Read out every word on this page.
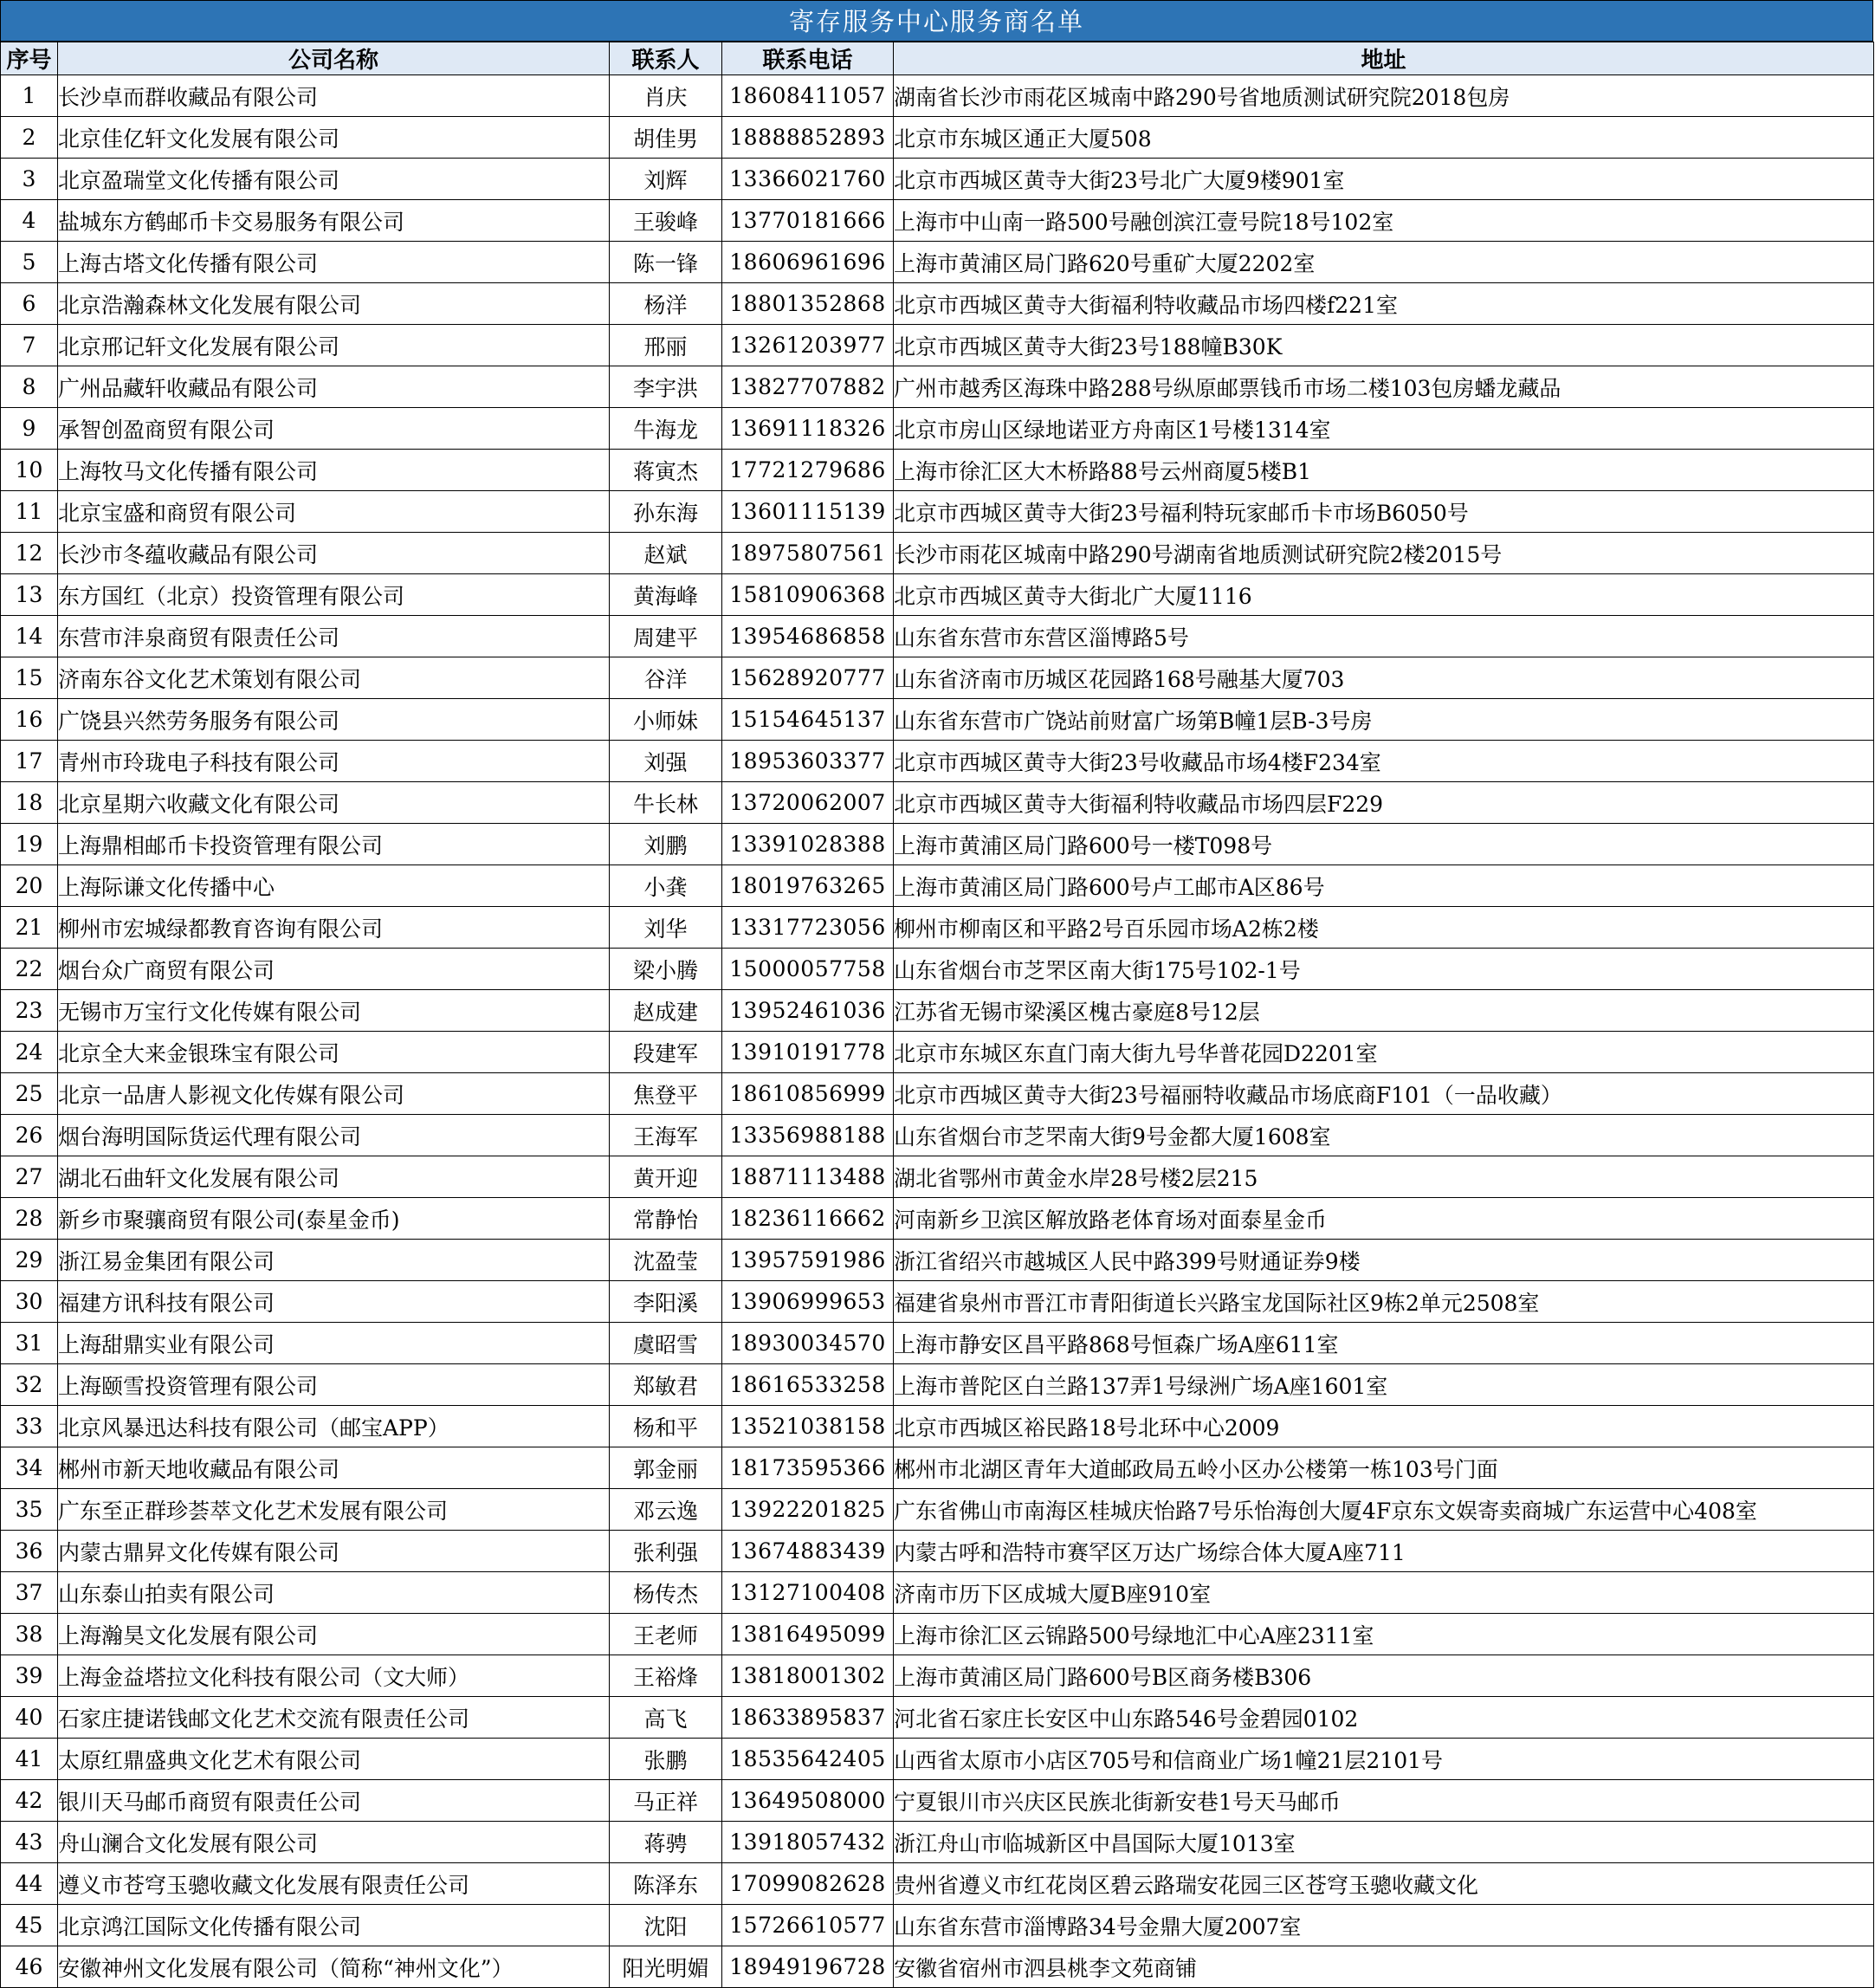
寄存服务中心服务商名单
序号	公司名称	联系人	联系电话	地址
1	长沙卓而群收藏品有限公司	肖庆	18608411057	湖南省长沙市雨花区城南中路290号省地质测试研究院2018包房
2	北京佳亿轩文化发展有限公司	胡佳男	18888852893	北京市东城区通正大厦508
3	北京盈瑞堂文化传播有限公司	刘辉	13366021760	北京市西城区黄寺大街23号北广大厦9楼901室
4	盐城东方鹤邮币卡交易服务有限公司	王骏峰	13770181666	上海市中山南一路500号融创滨江壹号院18号102室
5	上海古塔文化传播有限公司	陈一锋	18606961696	上海市黄浦区局门路620号重矿大厦2202室
6	北京浩瀚森林文化发展有限公司	杨洋	18801352868	北京市西城区黄寺大街福利特收藏品市场四楼f221室
7	北京邢记轩文化发展有限公司	邢丽	13261203977	北京市西城区黄寺大街23号188幢B30K
8	广州品藏轩收藏品有限公司	李宇洪	13827707882	广州市越秀区海珠中路288号纵原邮票钱币市场二楼103包房蟠龙藏品
9	承智创盈商贸有限公司	牛海龙	13691118326	北京市房山区绿地诺亚方舟南区1号楼1314室
10	上海牧马文化传播有限公司	蒋寅杰	17721279686	上海市徐汇区大木桥路88号云州商厦5楼B1
11	北京宝盛和商贸有限公司	孙东海	13601115139	北京市西城区黄寺大街23号福利特玩家邮币卡市场B6050号
12	长沙市冬蕴收藏品有限公司	赵斌	18975807561	长沙市雨花区城南中路290号湖南省地质测试研究院2楼2015号
13	东方国红（北京）投资管理有限公司	黄海峰	15810906368	北京市西城区黄寺大街北广大厦1116
14	东营市沣泉商贸有限责任公司	周建平	13954686858	山东省东营市东营区淄博路5号
15	济南东谷文化艺术策划有限公司	谷洋	15628920777	山东省济南市历城区花园路168号融基大厦703
16	广饶县兴然劳务服务有限公司	小师妹	15154645137	山东省东营市广饶站前财富广场第B幢1层B-3号房
17	青州市玲珑电子科技有限公司	刘强	18953603377	北京市西城区黄寺大街23号收藏品市场4楼F234室
18	北京星期六收藏文化有限公司	牛长林	13720062007	北京市西城区黄寺大街福利特收藏品市场四层F229
19	上海鼎相邮币卡投资管理有限公司	刘鹏	13391028388	上海市黄浦区局门路600号一楼T098号
20	上海际谦文化传播中心	小龚	18019763265	上海市黄浦区局门路600号卢工邮市A区86号
21	柳州市宏城绿都教育咨询有限公司	刘华	13317723056	柳州市柳南区和平路2号百乐园市场A2栋2楼
22	烟台众广商贸有限公司	梁小腾	15000057758	山东省烟台市芝罘区南大街175号102-1号
23	无锡市万宝行文化传媒有限公司	赵成建	13952461036	江苏省无锡市梁溪区槐古豪庭8号12层
24	北京全大来金银珠宝有限公司	段建军	13910191778	北京市东城区东直门南大街九号华普花园D2201室
25	北京一品唐人影视文化传媒有限公司	焦登平	18610856999	北京市西城区黄寺大街23号福丽特收藏品市场底商F101（一品收藏）
26	烟台海明国际货运代理有限公司	王海军	13356988188	山东省烟台市芝罘南大街9号金都大厦1608室
27	湖北石曲轩文化发展有限公司	黄开迎	18871113488	湖北省鄂州市黄金水岸28号楼2层215
28	新乡市聚骧商贸有限公司(泰星金币)	常静怡	18236116662	河南新乡卫滨区解放路老体育场对面泰星金币
29	浙江易金集团有限公司	沈盈莹	13957591986	浙江省绍兴市越城区人民中路399号财通证券9楼
30	福建方讯科技有限公司	李阳溪	13906999653	福建省泉州市晋江市青阳街道长兴路宝龙国际社区9栋2单元2508室
31	上海甜鼎实业有限公司	虞昭雪	18930034570	上海市静安区昌平路868号恒森广场A座611室
32	上海颐雪投资管理有限公司	郑敏君	18616533258	上海市普陀区白兰路137弄1号绿洲广场A座1601室
33	北京风暴迅达科技有限公司（邮宝APP）	杨和平	13521038158	北京市西城区裕民路18号北环中心2009
34	郴州市新天地收藏品有限公司	郭金丽	18173595366	郴州市北湖区青年大道邮政局五岭小区办公楼第一栋103号门面
35	广东至正群珍荟萃文化艺术发展有限公司	邓云逸	13922201825	广东省佛山市南海区桂城庆怡路7号乐怡海创大厦4F京东文娱寄卖商城广东运营中心408室
36	内蒙古鼎昇文化传媒有限公司	张利强	13674883439	内蒙古呼和浩特市赛罕区万达广场综合体大厦A座711
37	山东泰山拍卖有限公司	杨传杰	13127100408	济南市历下区成城大厦B座910室
38	上海瀚昊文化发展有限公司	王老师	13816495099	上海市徐汇区云锦路500号绿地汇中心A座2311室
39	上海金益塔拉文化科技有限公司（文大师）	王裕烽	13818001302	上海市黄浦区局门路600号B区商务楼B306
40	石家庄捷诺钱邮文化艺术交流有限责任公司	高飞	18633895837	河北省石家庄长安区中山东路546号金碧园0102
41	太原红鼎盛典文化艺术有限公司	张鹏	18535642405	山西省太原市小店区705号和信商业广场1幢21层2101号
42	银川天马邮币商贸有限责任公司	马正祥	13649508000	宁夏银川市兴庆区民族北街新安巷1号天马邮币
43	舟山澜合文化发展有限公司	蒋骋	13918057432	浙江舟山市临城新区中昌国际大厦1013室
44	遵义市苍穹玉骢收藏文化发展有限责任公司	陈泽东	17099082628	贵州省遵义市红花岗区碧云路瑞安花园三区苍穹玉骢收藏文化
45	北京鸿江国际文化传播有限公司	沈阳	15726610577	山东省东营市淄博路34号金鼎大厦2007室
46	安徽神州文化发展有限公司（简称“神州文化”）	阳光明媚	18949196728	安徽省宿州市泗县桃李文苑商铺
